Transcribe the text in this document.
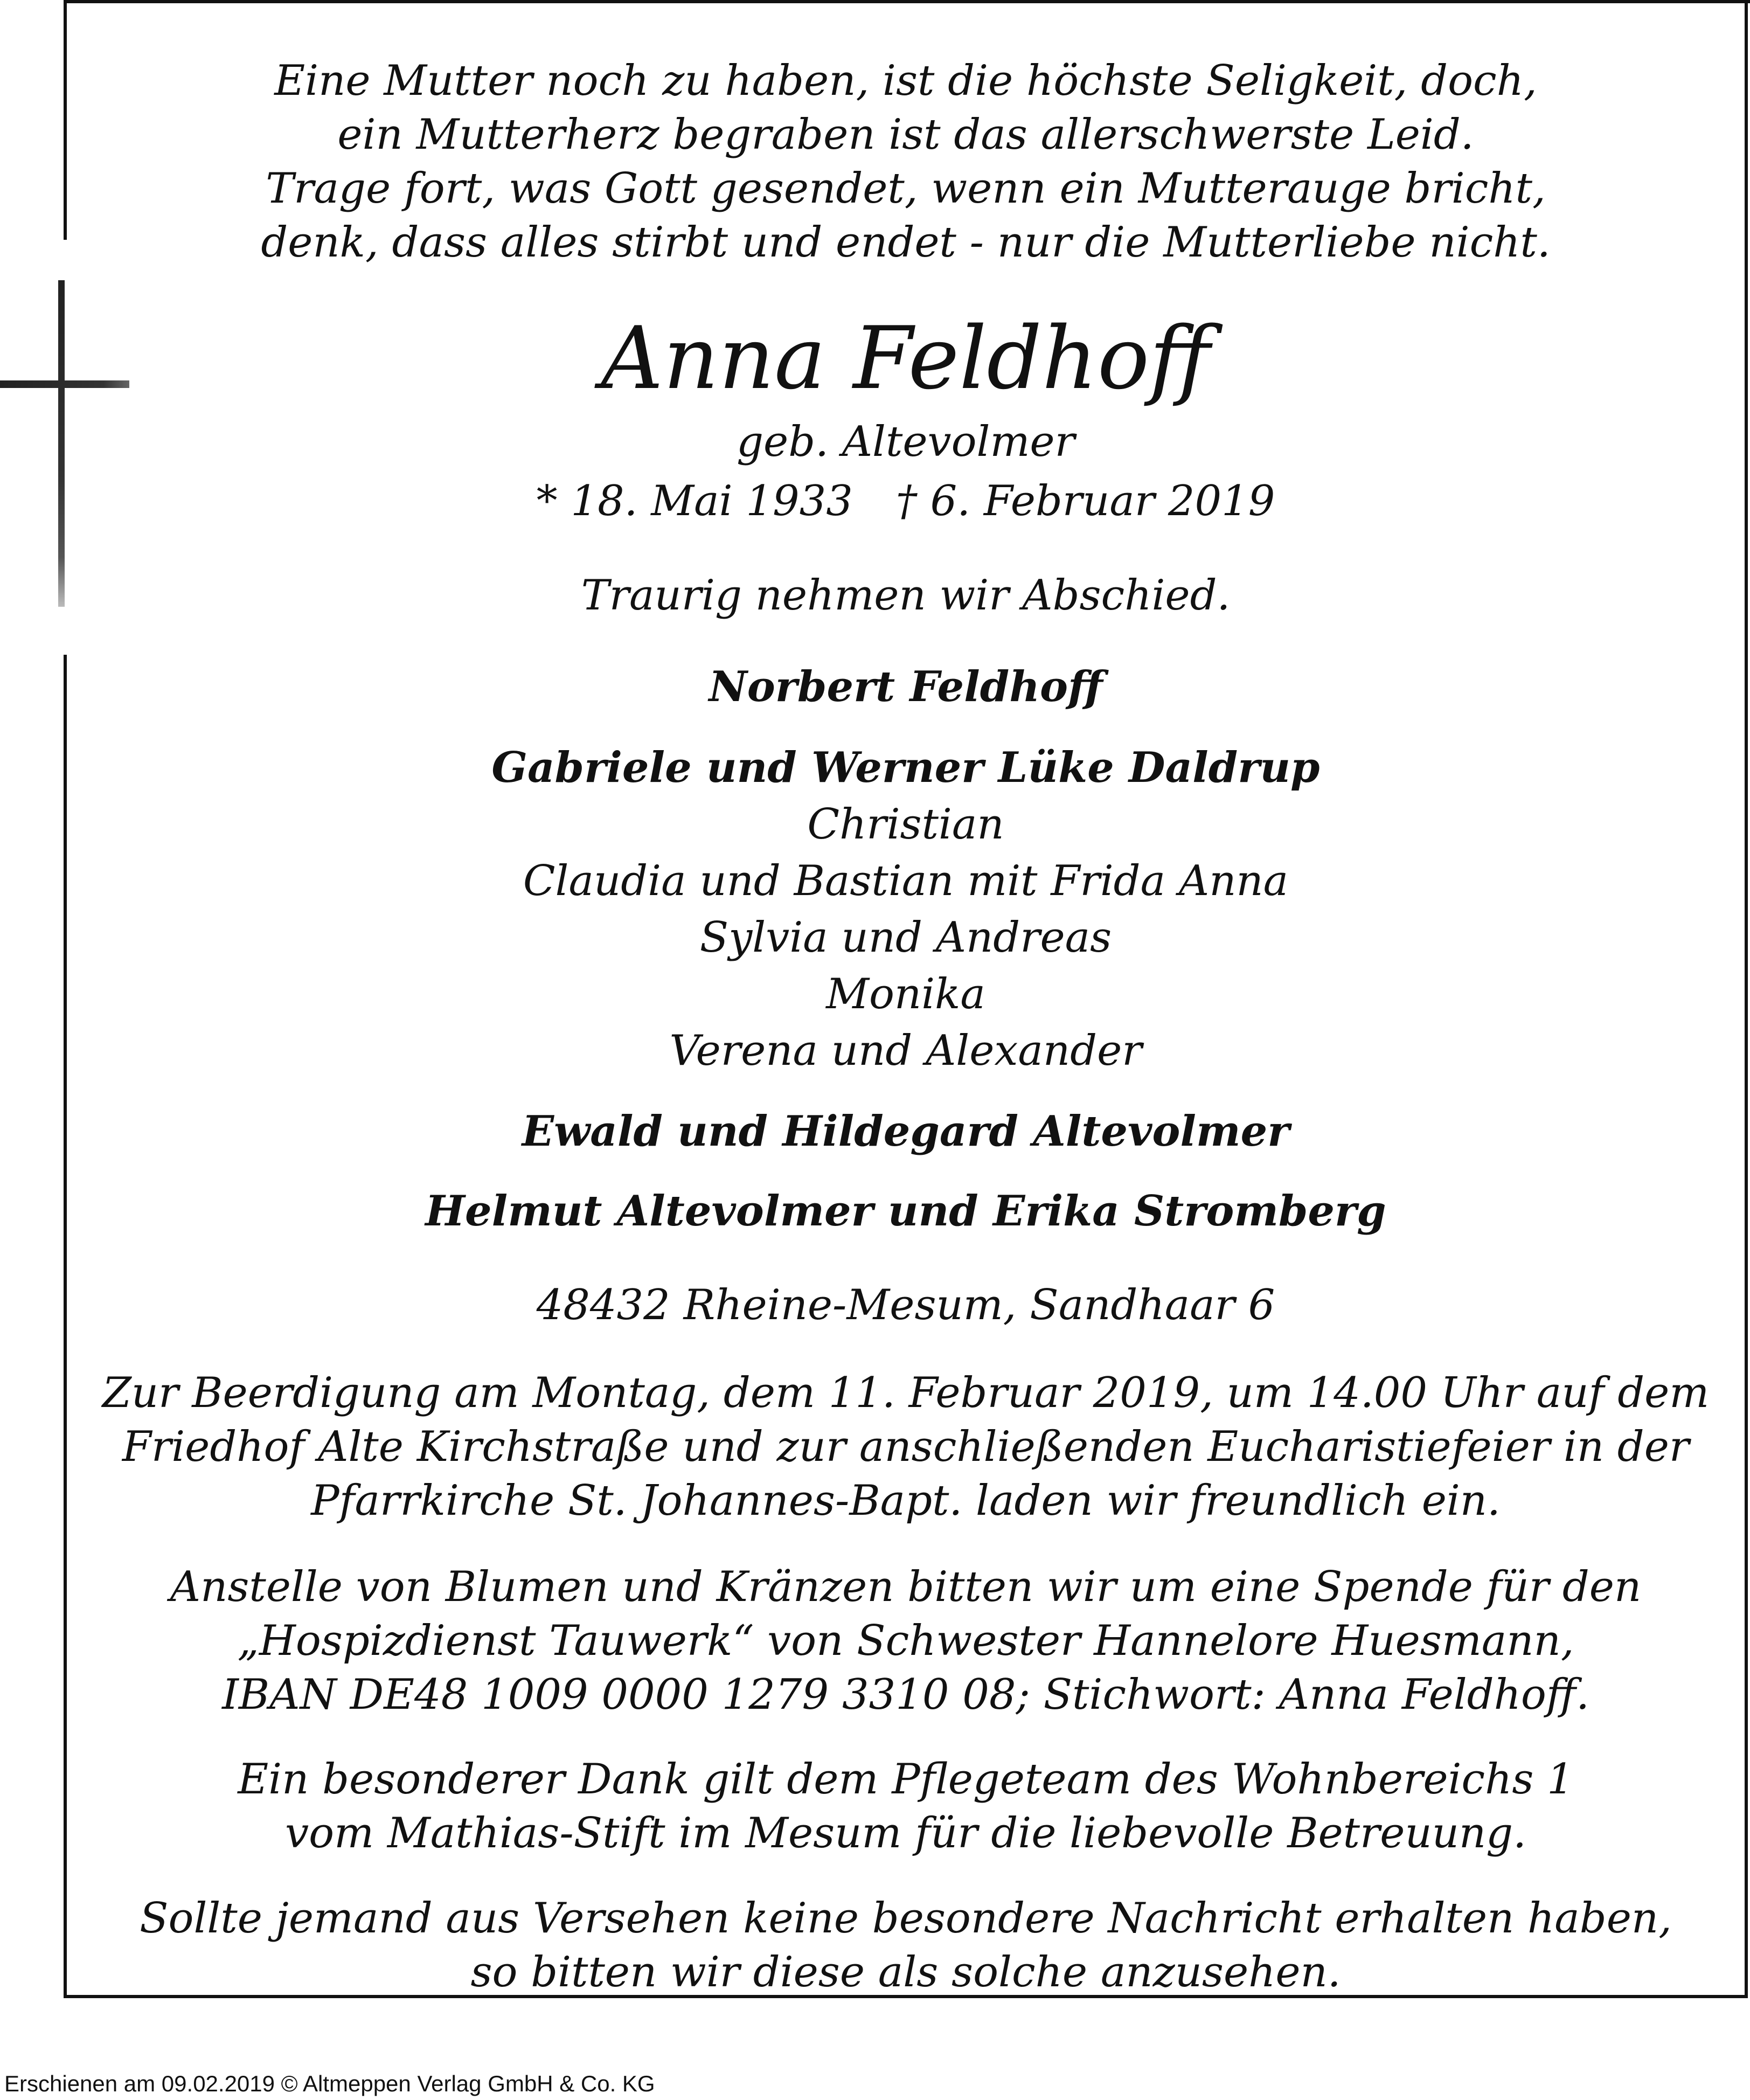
Eine Mutter noch zu haben, ist die höchste Seligkeit, doch,
ein Mutterherz begraben ist das allerschwerste Leid.
Trage fort, was Gott gesendet, wenn ein Mutterauge bricht,
denk, dass alles stirbt und endet - nur die Mutterliebe nicht.
Anna Feldhoff
geb. Altevolmer
* 18. Mai 1933 † 6. Februar 2019
Traurig nehmen wir Abschied.
Norbert Feldhoff
Gabriele und Werner Lüke Daldrup
Christian
Claudia und Bastian mit Frida Anna
Sylvia und Andreas
Monika
Verena und Alexander
Ewald und Hildegard Altevolmer
Helmut Altevolmer und Erika Stromberg
48432 Rheine-Mesum, Sandhaar 6
Zur Beerdigung am Montag, dem 11. Februar 2019, um 14.00 Uhr auf dem
Friedhof Alte Kirchstraße und zur anschließenden Eucharistiefeier in der
Pfarrkirche St. Johannes-Bapt. laden wir freundlich ein.
Anstelle von Blumen und Kränzen bitten wir um eine Spende für den
„Hospizdienst Tauwerk“ von Schwester Hannelore Huesmann,
IBAN DE48 1009 0000 1279 3310 08; Stichwort: Anna Feldhoff.
Ein besonderer Dank gilt dem Pflegeteam des Wohnbereichs 1
vom Mathias-Stift im Mesum für die liebevolle Betreuung.
Sollte jemand aus Versehen keine besondere Nachricht erhalten haben,
so bitten wir diese als solche anzusehen.
Erschienen am 09.02.2019 © Altmeppen Verlag GmbH & Co. KG
